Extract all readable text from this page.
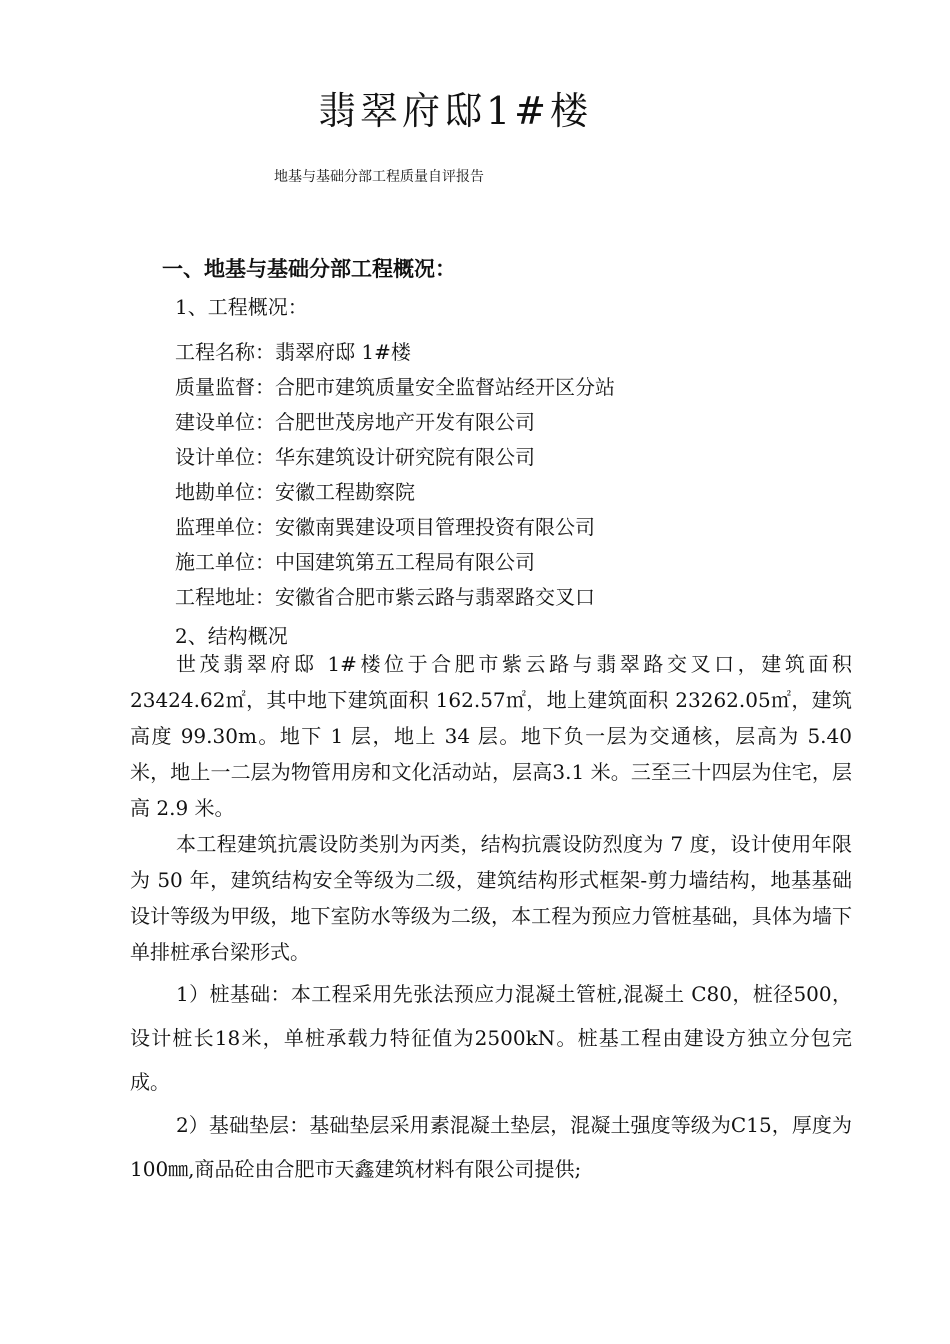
翡翠府邸1#楼
地基与基础分部工程质量自评报告
一、地基与基础分部工程概况：
1、工程概况：
工程名称：翡翠府邸 1#楼
质量监督：合肥市建筑质量安全监督站经开区分站
建设单位：合肥世茂房地产开发有限公司
设计单位：华东建筑设计研究院有限公司
地勘单位：安徽工程勘察院
监理单位：安徽南巽建设项目管理投资有限公司
施工单位：中国建筑第五工程局有限公司
工程地址：安徽省合肥市紫云路与翡翠路交叉口
2、结构概况

世茂翡翠府邸 1#楼位于合肥市紫云路与翡翠路交叉口，建筑面积 23424.62㎡，其中地下建筑面积 162.57㎡，地上建筑面积 23262.05㎡，建筑高度 99.30m。地下 1 层，地上 34 层。地下负一层为交通核，层高为 5.40 米，地上一二层为物管用房和文化活动站，层高3.1 米。三至三十四层为住宅，层高 2.9 米。

本工程建筑抗震设防类别为丙类，结构抗震设防烈度为 7 度，设计使用年限为 50 年，建筑结构安全等级为二级，建筑结构形式框架-剪力墙结构，地基基础设计等级为甲级，地下室防水等级为二级，本工程为预应力管桩基础，具体为墙下单排桩承台梁形式。

1）桩基础：本工程采用先张法预应力混凝土管桩,混凝土 C80，桩径500，设计桩长18米，单桩承载力特征值为2500kN。桩基工程由建设方独立分包完成。

2）基础垫层：基础垫层采用素混凝土垫层，混凝土强度等级为C15，厚度为100㎜,商品砼由合肥市天鑫建筑材料有限公司提供;
